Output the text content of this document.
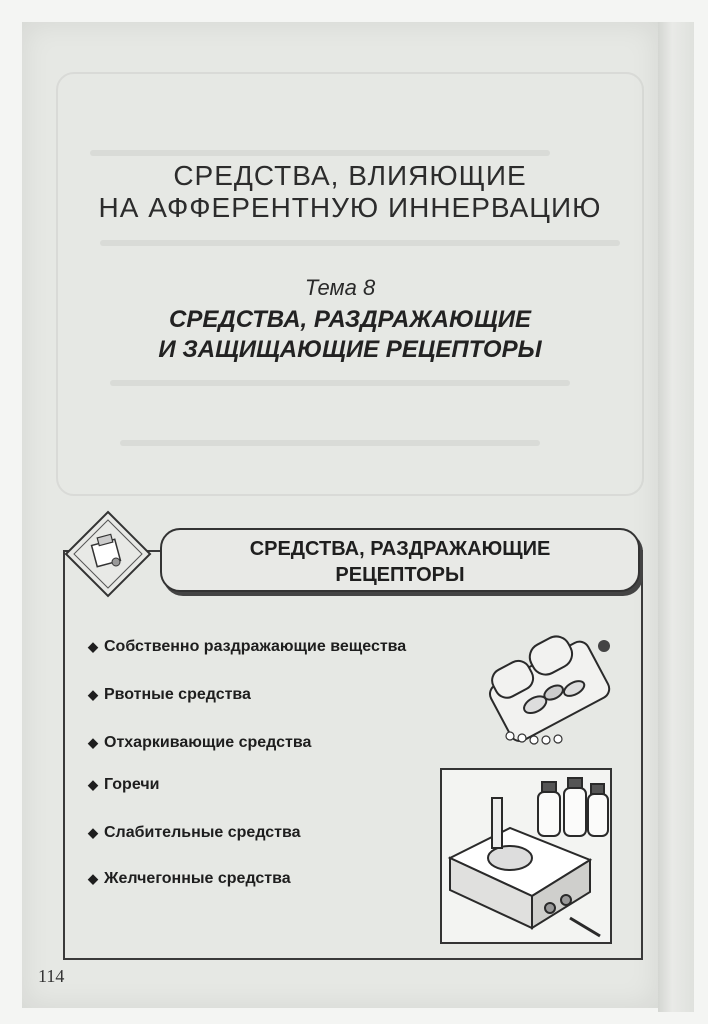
СРЕДСТВА, ВЛИЯЮЩИЕ
НА АФФЕРЕНТНУЮ ИННЕРВАЦИЮ
Тема 8
СРЕДСТВА, РАЗДРАЖАЮЩИЕ
И ЗАЩИЩАЮЩИЕ РЕЦЕПТОРЫ
СРЕДСТВА, РАЗДРАЖАЮЩИЕ
РЕЦЕПТОРЫ
◆ Собственно раздражающие вещества
◆ Рвотные средства
◆ Отхаркивающие средства
◆ Горечи
◆ Слабительные средства
◆ Желчегонные средства
114
